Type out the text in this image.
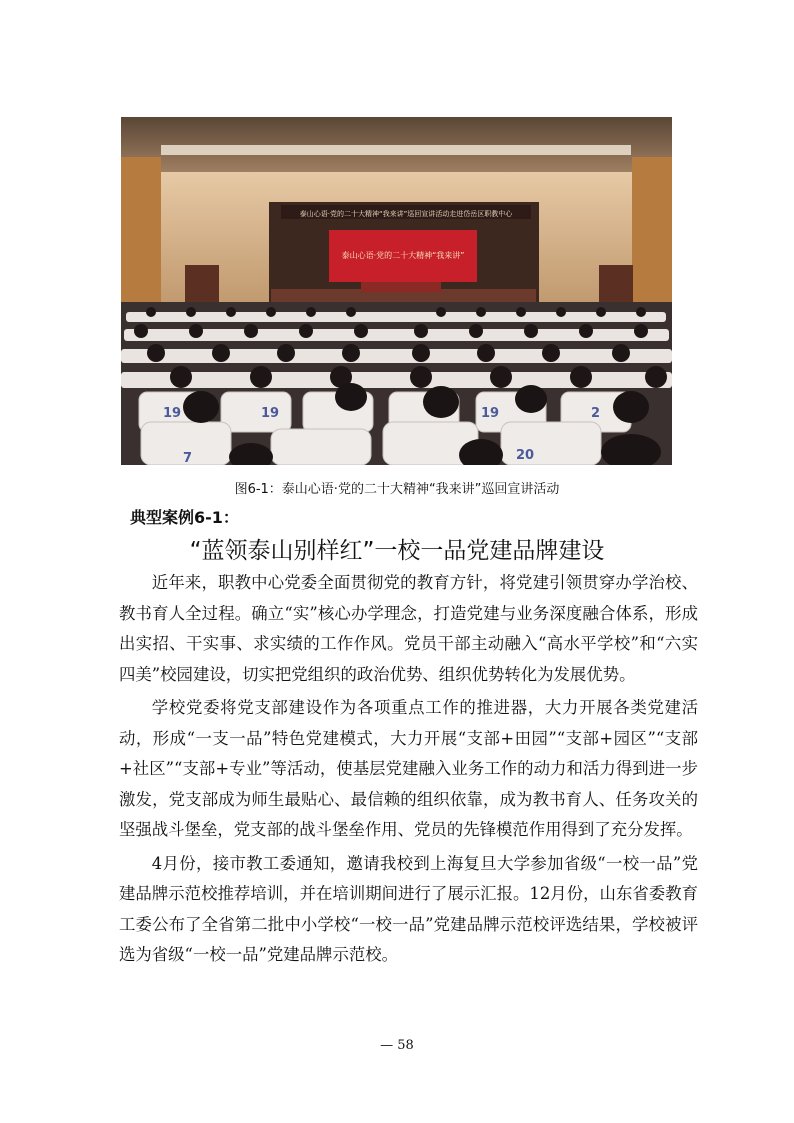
泰山心语·党的二十大精神“我来讲”巡回宣讲活动走进岱岳区职教中心
泰山心语·党的二十大精神“我来讲”
19	19	2
20
19
7
图6-1：泰山心语·党的二十大精神“我来讲”巡回宣讲活动
典型案例6-1：
“蓝领泰山别样红”一校一品党建品牌建设

近年来，职教中心党委全面贯彻党的教育方针，将党建引领贯穿办学治校、教书育人全过程。确立“实”核心办学理念，打造党建与业务深度融合体系，形成出实招、干实事、求实绩的工作作风。党员干部主动融入“高水平学校”和“六实四美”校园建设，切实把党组织的政治优势、组织优势转化为发展优势。

学校党委将党支部建设作为各项重点工作的推进器，大力开展各类党建活动，形成“一支一品”特色党建模式，大力开展“支部+田园”“支部+园区”“支部+社区”“支部+专业”等活动，使基层党建融入业务工作的动力和活力得到进一步激发，党支部成为师生最贴心、最信赖的组织依靠，成为教书育人、任务攻关的坚强战斗堡垒，党支部的战斗堡垒作用、党员的先锋模范作用得到了充分发挥。

4月份，接市教工委通知，邀请我校到上海复旦大学参加省级“一校一品”党建品牌示范校推荐培训，并在培训期间进行了展示汇报。12月份，山东省委教育工委公布了全省第二批中小学校“一校一品”党建品牌示范校评选结果，学校被评选为省级“一校一品”党建品牌示范校。

— 58
